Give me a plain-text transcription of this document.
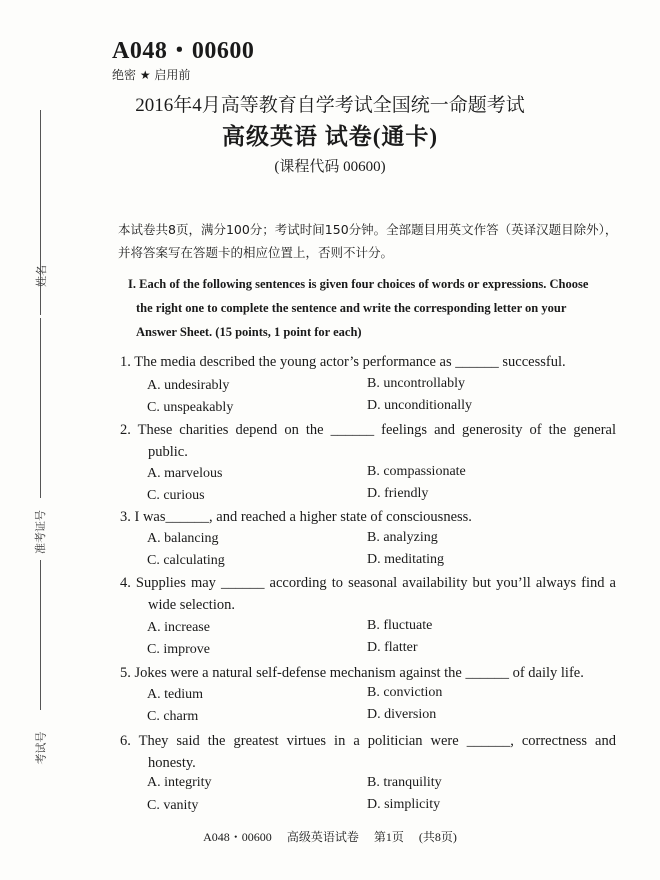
姓名
准考证号
考试号
A048・00600
绝密 ★ 启用前
2016年4月高等教育自学考试全国统一命题考试
高级英语 试卷(通卡)
(课程代码 00600)
本试卷共8页，满分100分；考试时间150分钟。全部题目用英文作答（英译汉题目除外），
并将答案写在答题卡的相应位置上，否则不计分。
I. Each of the following sentences is given four choices of words or expressions. Choose
the right one to complete the sentence and write the corresponding letter on your
Answer Sheet. (15 points, 1 point for each)
1. The media described the young actor’s performance as ______ successful.
A. undesirably	B. uncontrollably
C. unspeakably	D. unconditionally
2. These charities depend on the ______ feelings and generosity of the general
public.
A. marvelous	B. compassionate
C. curious	D. friendly
3. I was______, and reached a higher state of consciousness.
A. balancing	B. analyzing
C. calculating	D. meditating
4. Supplies may ______ according to seasonal availability but you’ll always find a
wide selection.
A. increase	B. fluctuate
C. improve	D. flatter
5. Jokes were a natural self-defense mechanism against the ______ of daily life.
A. tedium	B. conviction
C. charm	D. diversion
6. They said the greatest virtues in a politician were ______, correctness and
honesty.
A. integrity	B. tranquility
C. vanity	D. simplicity
A048・00600 高级英语试卷 第1页 (共8页)
